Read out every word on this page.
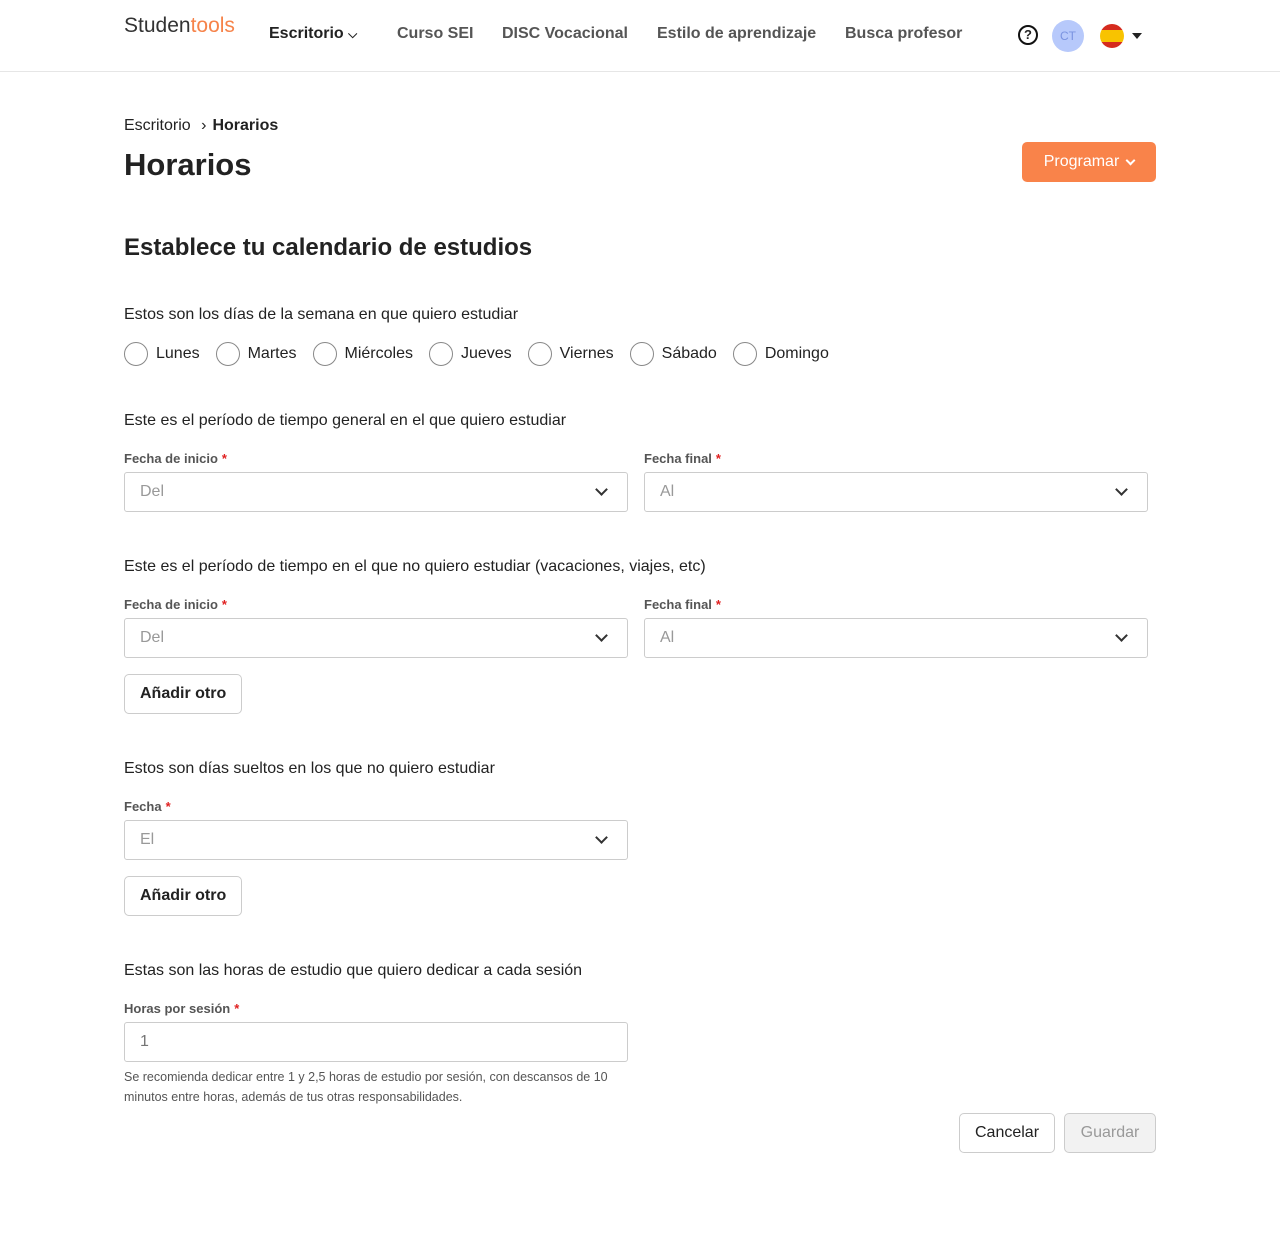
Studen tools Escritorio ⌵ Curso SEI DISC Vocacional Estilo de aprendizaje Busca profesor	?	CT
Escritorio › Horarios
Horarios	Programar
Establece tu calendario de estudios
Estos son los días de la semana en que quiero estudiar
Lunes	Martes	Miércoles	Jueves	Viernes	Sábado	Domingo
Este es el período de tiempo general en el que quiero estudiar
Fecha de inicio *	Fecha final *
Del	Al
Este es el período de tiempo en el que no quiero estudiar (vacaciones, viajes, etc)
Fecha de inicio *	Fecha final *
Del	Al
Añadir otro
Estos son días sueltos en los que no quiero estudiar
Fecha *
El
Añadir otro
Estas son las horas de estudio que quiero dedicar a cada sesión
Horas por sesión *
1
Se recomienda dedicar entre 1 y 2,5 horas de estudio por sesión, con descansos de 10 minutos entre horas, además de tus otras responsabilidades.
Cancelar	Guardar
